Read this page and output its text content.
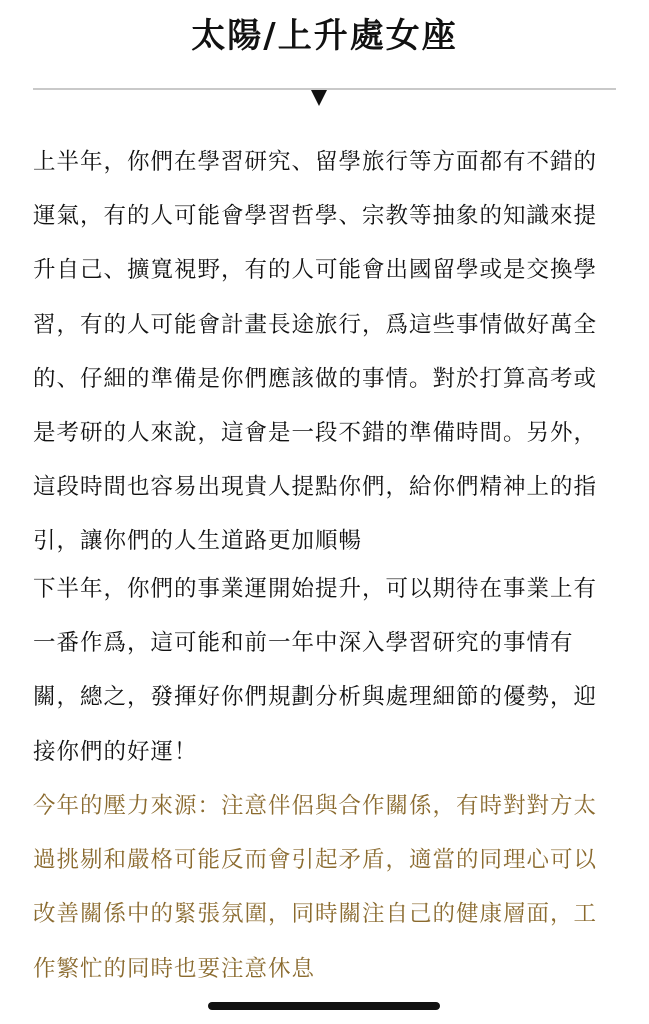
太陽/上升處女座

上半年，你們在學習研究、留學旅行等方面都有不錯的運氣，有的人可能會學習哲學、宗教等抽象的知識來提升自己、擴寬視野，有的人可能會出國留學或是交換學習，有的人可能會計畫長途旅行，爲這些事情做好萬全的、仔細的準備是你們應該做的事情。對於打算高考或是考研的人來說，這會是一段不錯的準備時間。另外，這段時間也容易出現貴人提點你們，給你們精神上的指引，讓你們的人生道路更加順暢

下半年，你們的事業運開始提升，可以期待在事業上有一番作爲，這可能和前一年中深入學習研究的事情有關，總之，發揮好你們規劃分析與處理細節的優勢，迎接你們的好運！

今年的壓力來源：注意伴侶與合作關係，有時對對方太過挑剔和嚴格可能反而會引起矛盾，適當的同理心可以改善關係中的緊張氛圍，同時關注自己的健康層面，工作繁忙的同時也要注意休息
